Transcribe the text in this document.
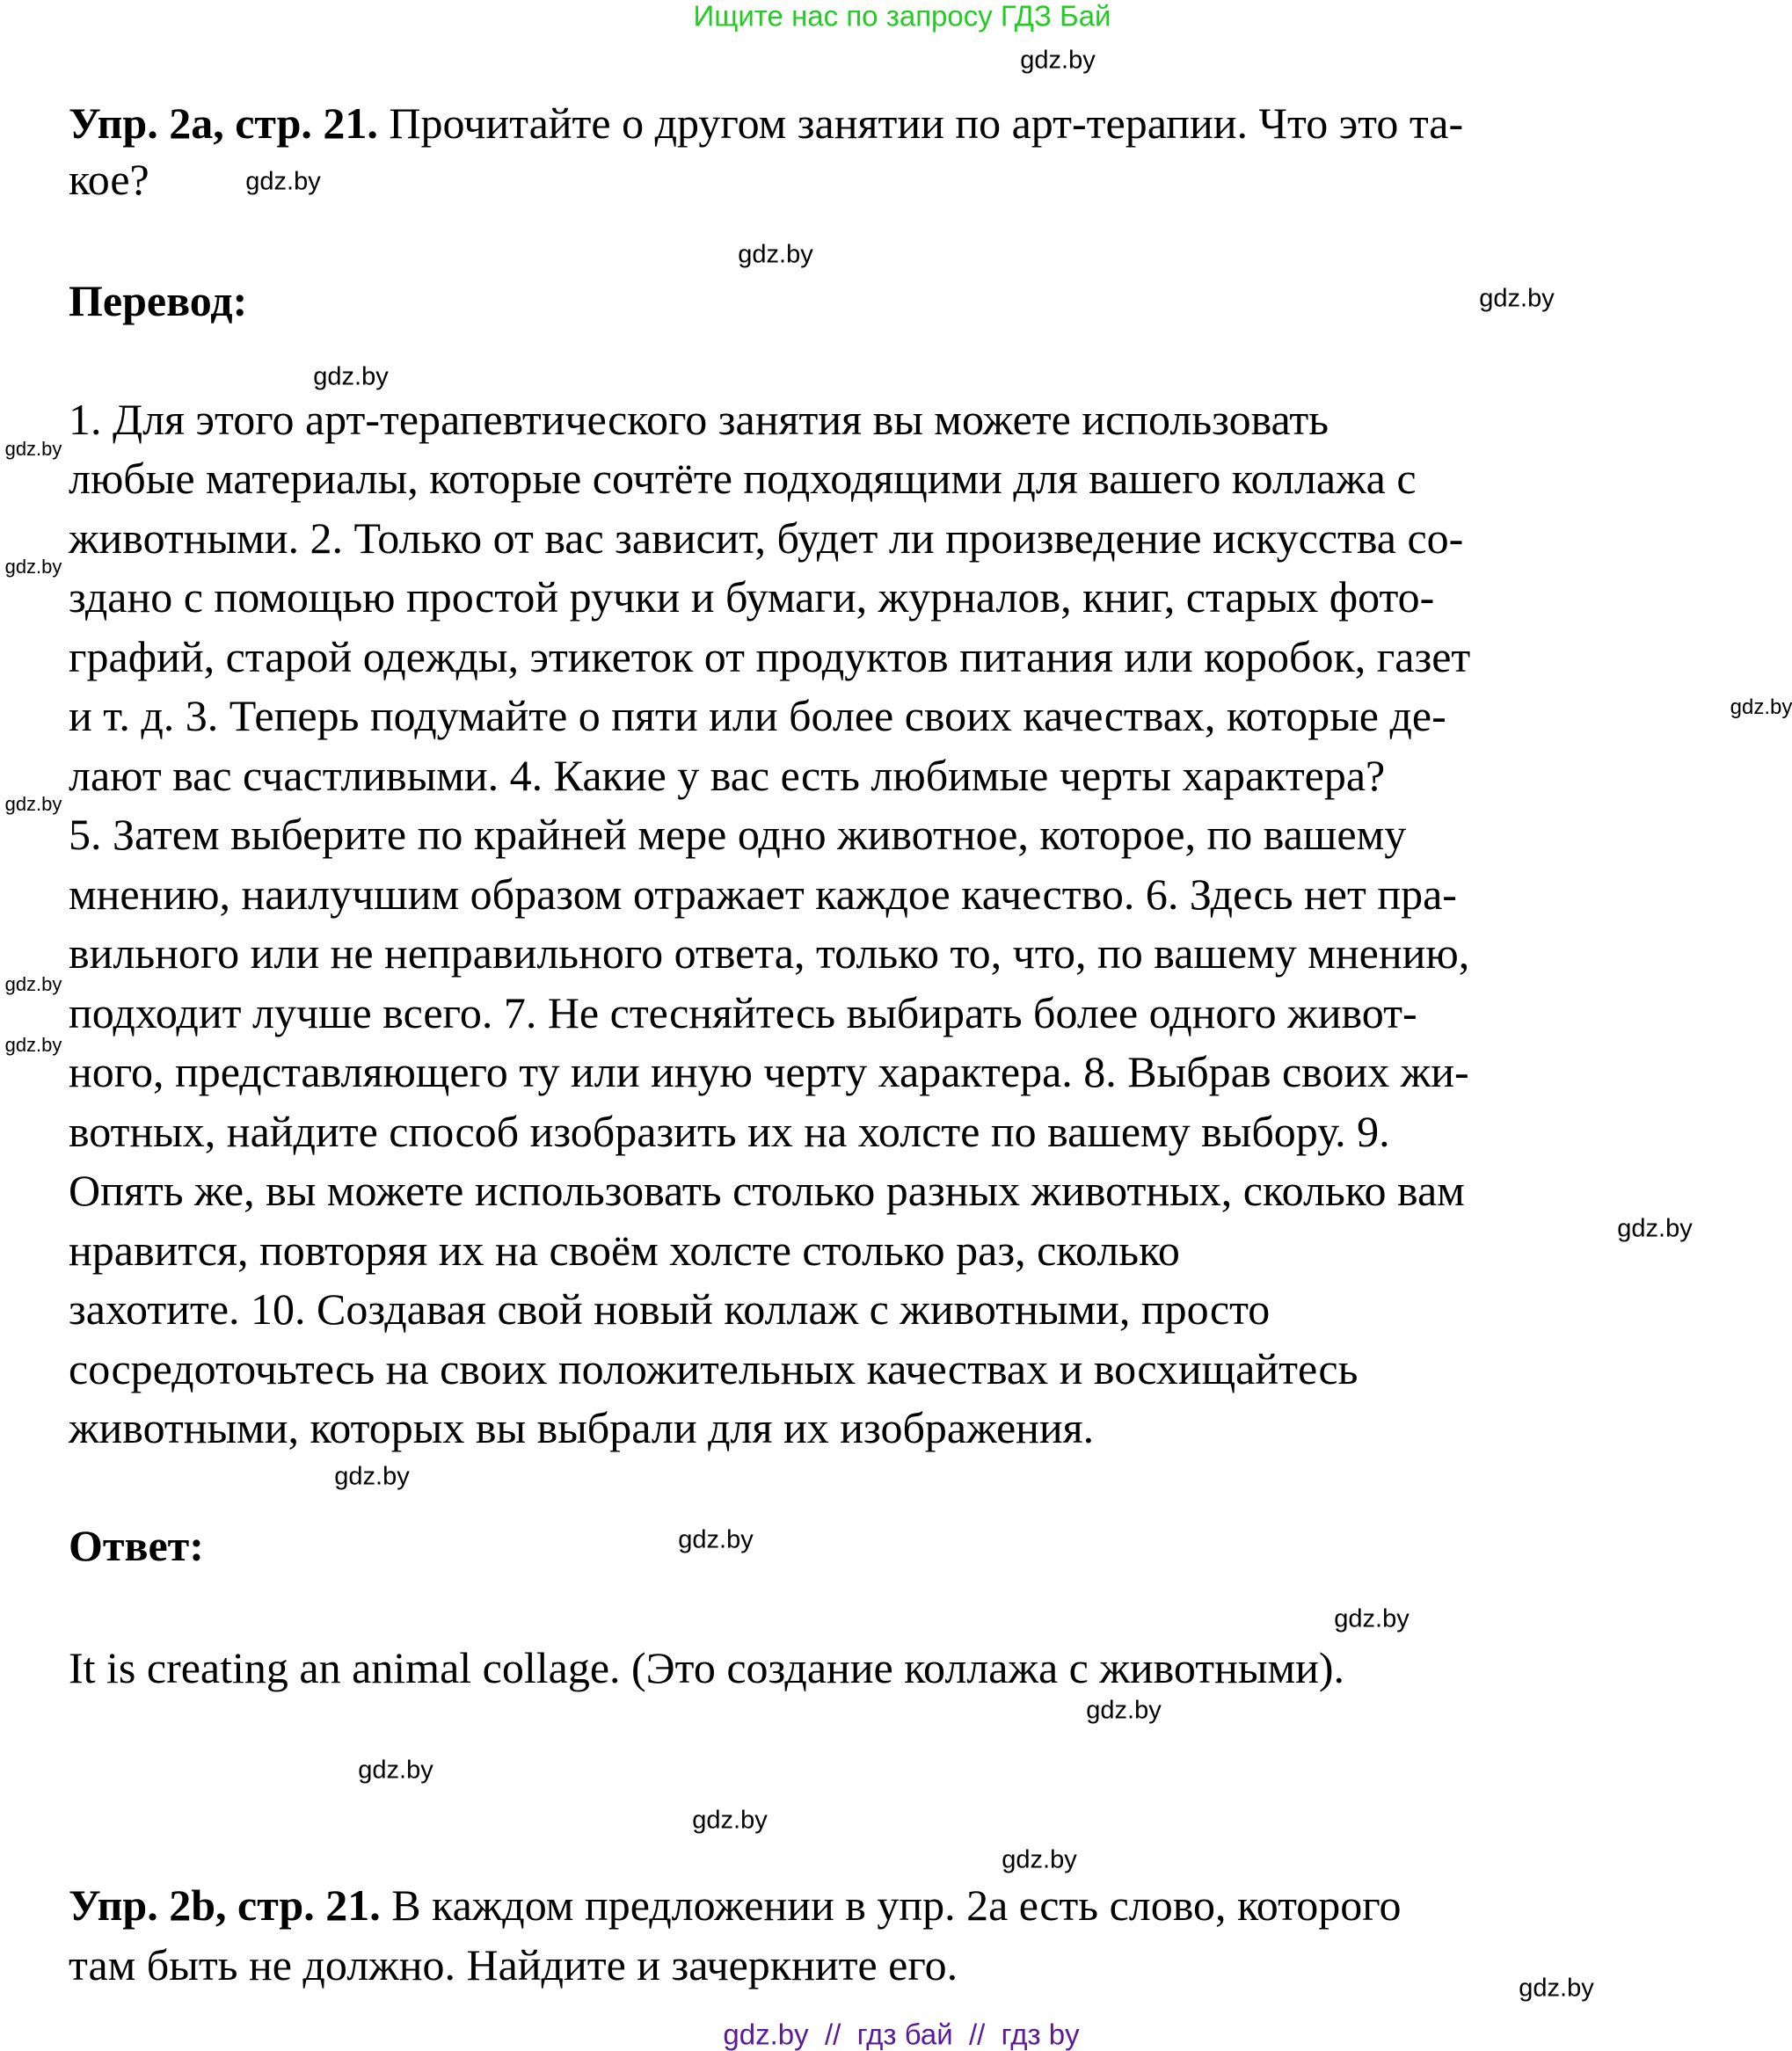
Ищите нас по запросу ГДЗ Бай
Упр. 2а, стр. 21. Прочитайте о другом занятии по арт-терапии. Что это та-
кое?
Перевод:
1. Для этого арт-терапевтического занятия вы можете использовать
любые материалы, которые сочтёте подходящими для вашего коллажа с
животными. 2. Только от вас зависит, будет ли произведение искусства со-
здано с помощью простой ручки и бумаги, журналов, книг, старых фото-
графий, старой одежды, этикеток от продуктов питания или коробок, газет
и т. д. 3. Теперь подумайте о пяти или более своих качествах, которые де-
лают вас счастливыми. 4. Какие у вас есть любимые черты характера?
5. Затем выберите по крайней мере одно животное, которое, по вашему
мнению, наилучшим образом отражает каждое качество. 6. Здесь нет пра-
вильного или не неправильного ответа, только то, что, по вашему мнению,
подходит лучше всего. 7. Не стесняйтесь выбирать более одного живот-
ного, представляющего ту или иную черту характера. 8. Выбрав своих жи-
вотных, найдите способ изобразить их на холсте по вашему выбору. 9.
Опять же, вы можете использовать столько разных животных, сколько вам
нравится, повторяя их на своём холсте столько раз, сколько
захотите. 10. Создавая свой новый коллаж с животными, просто
сосредоточьтесь на своих положительных качествах и восхищайтесь
животными, которых вы выбрали для их изображения.
Ответ:
It is creating an animal collage. (Это создание коллажа с животными).
Упр. 2b, стр. 21. В каждом предложении в упр. 2а есть слово, которого
там быть не должно. Найдите и зачеркните его.
gdz.by
gdz.by
gdz.by
gdz.by
gdz.by
gdz.by
gdz.by
gdz.by
gdz.by
gdz.by
gdz.by
gdz.by
gdz.by
gdz.by
gdz.by
gdz.by
gdz.by
gdz.by
gdz.by
gdz.by
gdz.by  //  гдз бай  //  гдз by
